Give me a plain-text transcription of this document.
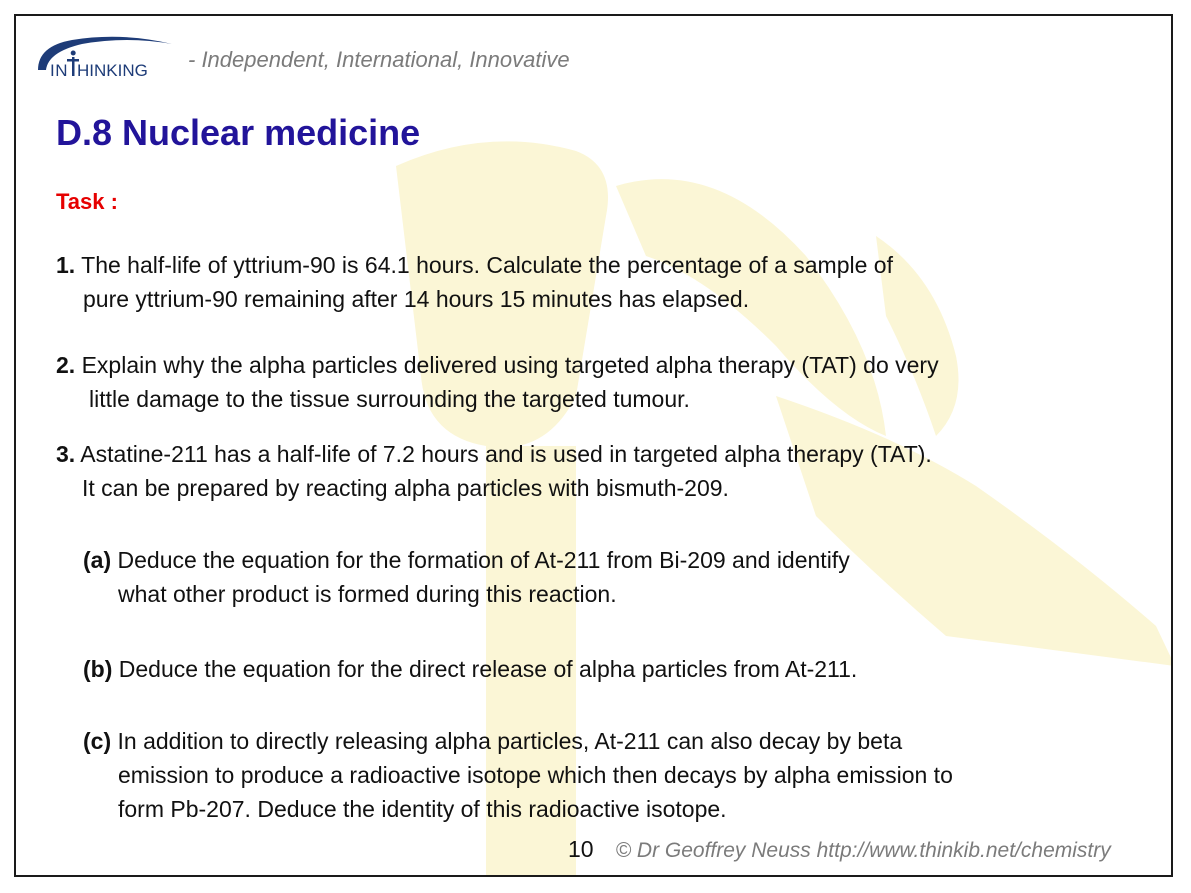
IN HINKING - Independent, International, Innovative
D.8 Nuclear medicine
Task :
1. The half-life of yttrium-90 is 64.1 hours. Calculate the percentage of a sample of
pure yttrium-90 remaining after 14 hours 15 minutes has elapsed.
2. Explain why the alpha particles delivered using targeted alpha therapy (TAT) do very
little damage to the tissue surrounding the targeted tumour.
3. Astatine-211 has a half-life of 7.2 hours and is used in targeted alpha therapy (TAT).
It can be prepared by reacting alpha particles with bismuth-209.
(a) Deduce the equation for the formation of At-211 from Bi-209 and identify
what other product is formed during this reaction.
(b) Deduce the equation for the direct release of alpha particles from At-211.
(c) In addition to directly releasing alpha particles, At-211 can also decay by beta
emission to produce a radioactive isotope which then decays by alpha emission to
form Pb-207. Deduce the identity of this radioactive isotope.
10 © Dr Geoffrey Neuss http://www.thinkib.net/chemistry
